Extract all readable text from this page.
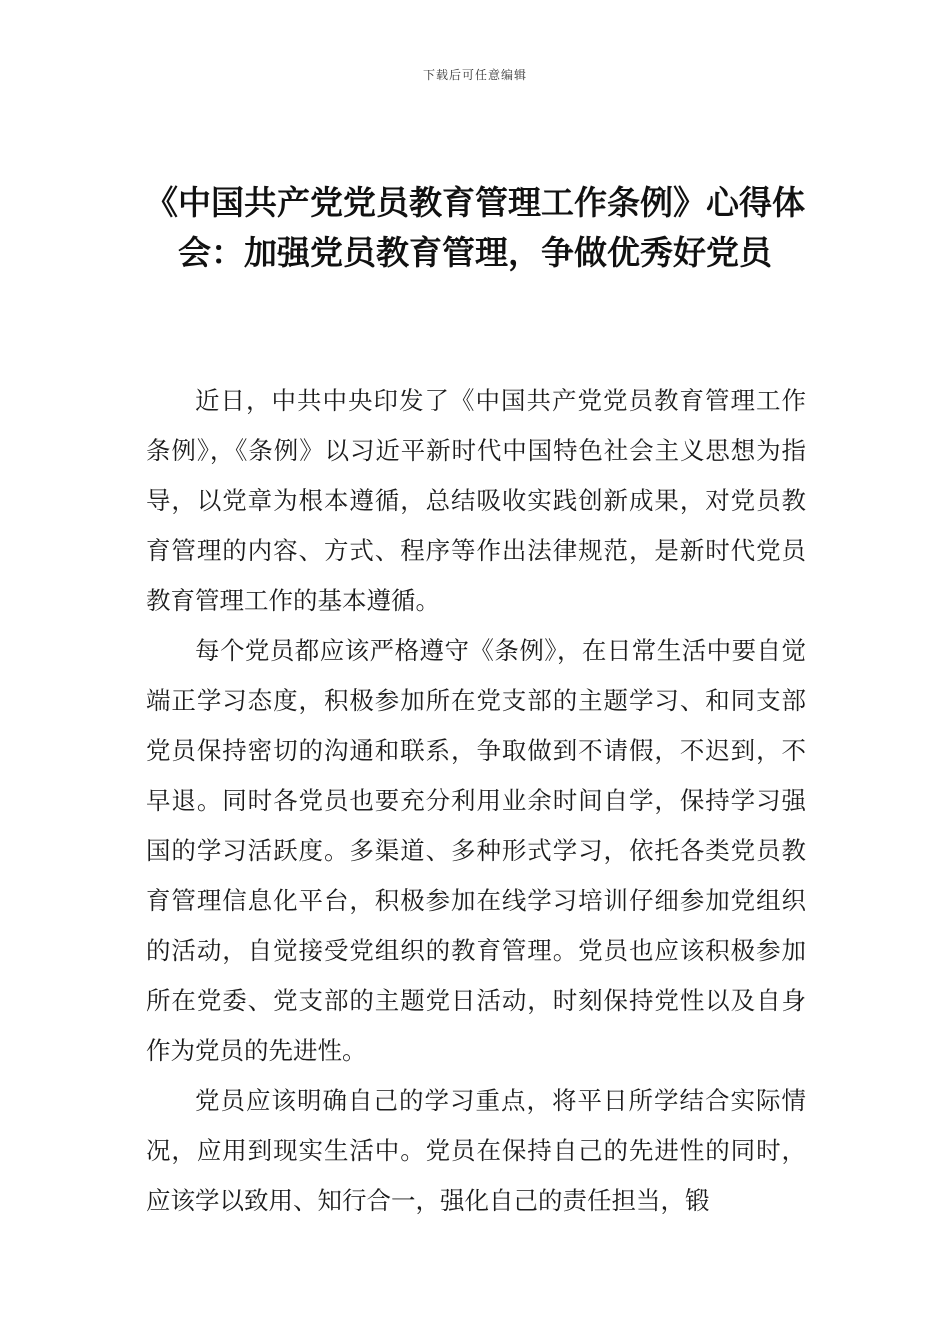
下载后可任意编辑
《中国共产党党员教育管理工作条例》心得体会：加强党员教育管理，争做优秀好党员

近日，中共中央印发了《中国共产党党员教育管理工作条例》，《条例》以习近平新时代中国特色社会主义思想为指导，以党章为根本遵循，总结吸收实践创新成果，对党员教育管理的内容、方式、程序等作出法律规范，是新时代党员教育管理工作的基本遵循。

每个党员都应该严格遵守《条例》，在日常生活中要自觉端正学习态度，积极参加所在党支部的主题学习、和同支部党员保持密切的沟通和联系，争取做到不请假，不迟到，不早退。同时各党员也要充分利用业余时间自学，保持学习强国的学习活跃度。多渠道、多种形式学习，依托各类党员教育管理信息化平台，积极参加在线学习培训仔细参加党组织的活动，自觉接受党组织的教育管理。党员也应该积极参加所在党委、党支部的主题党日活动，时刻保持党性以及自身作为党员的先进性。

党员应该明确自己的学习重点，将平日所学结合实际情况，应用到现实生活中。党员在保持自己的先进性的同时，应该学以致用、知行合一，强化自己的责任担当，锻
